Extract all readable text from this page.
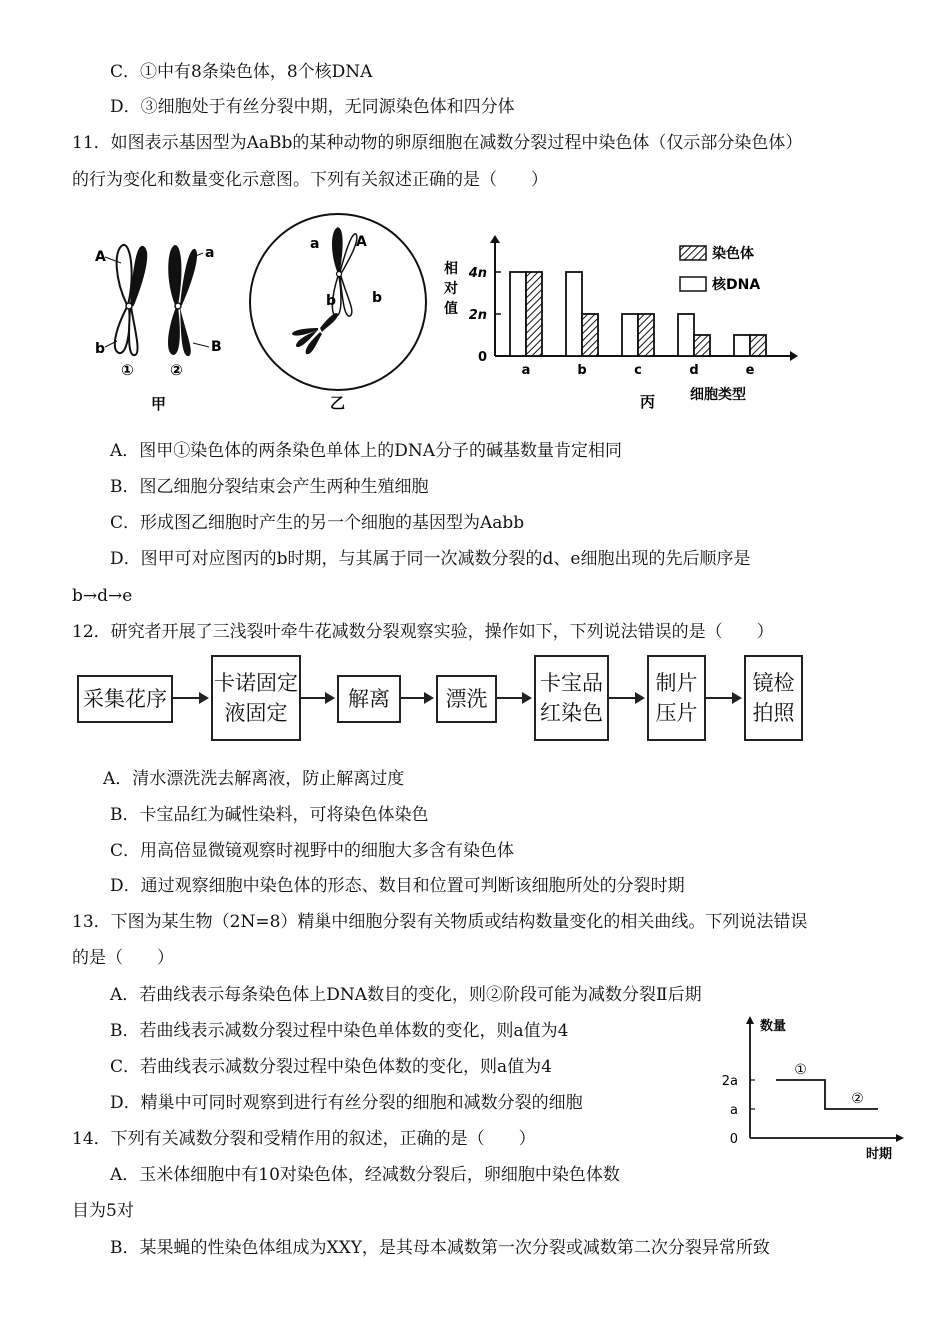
C．①中有8条染色体，8个核DNA
D．③细胞处于有丝分裂中期，无同源染色体和四分体
11．如图表示基因型为AaBb的某种动物的卵原细胞在减数分裂过程中染色体（仅示部分染色体）
的行为变化和数量变化示意图。下列有关叙述正确的是（　　）
A	a
b	B
① ②
甲
a	A
b	b
乙
相
对
值
0
2n
4n
a	b	c	d	e
染色体
核DNA
细胞类型
丙
A．图甲①染色体的两条染色单体上的DNA分子的碱基数量肯定相同
B．图乙细胞分裂结束会产生两种生殖细胞
C．形成图乙细胞时产生的另一个细胞的基因型为Aabb
D．图甲可对应图丙的b时期，与其属于同一次减数分裂的d、e细胞出现的先后顺序是
b→d→e
12．研究者开展了三浅裂叶牵牛花减数分裂观察实验，操作如下，下列说法错误的是（　　）
采集花序
卡诺固定
液固定
解离	漂洗
卡宝品
红染色
制片
压片
镜检
拍照
A．清水漂洗洗去解离液，防止解离过度
B．卡宝品红为碱性染料，可将染色体染色
C．用高倍显微镜观察时视野中的细胞大多含有染色体
D．通过观察细胞中染色体的形态、数目和位置可判断该细胞所处的分裂时期
13．下图为某生物（2N=8）精巢中细胞分裂有关物质或结构数量变化的相关曲线。下列说法错误
的是（　　）
A．若曲线表示每条染色体上DNA数目的变化，则②阶段可能为减数分裂Ⅱ后期
B．若曲线表示减数分裂过程中染色单体数的变化，则a值为4
C．若曲线表示减数分裂过程中染色体数的变化，则a值为4
D．精巢中可同时观察到进行有丝分裂的细胞和减数分裂的细胞
数量
时期
0
a
2a
①
②
14．下列有关减数分裂和受精作用的叙述，正确的是（　　）
A．玉米体细胞中有10对染色体，经减数分裂后，卵细胞中染色体数
目为5对
B．某果蝇的性染色体组成为XXY，是其母本减数第一次分裂或减数第二次分裂异常所致
